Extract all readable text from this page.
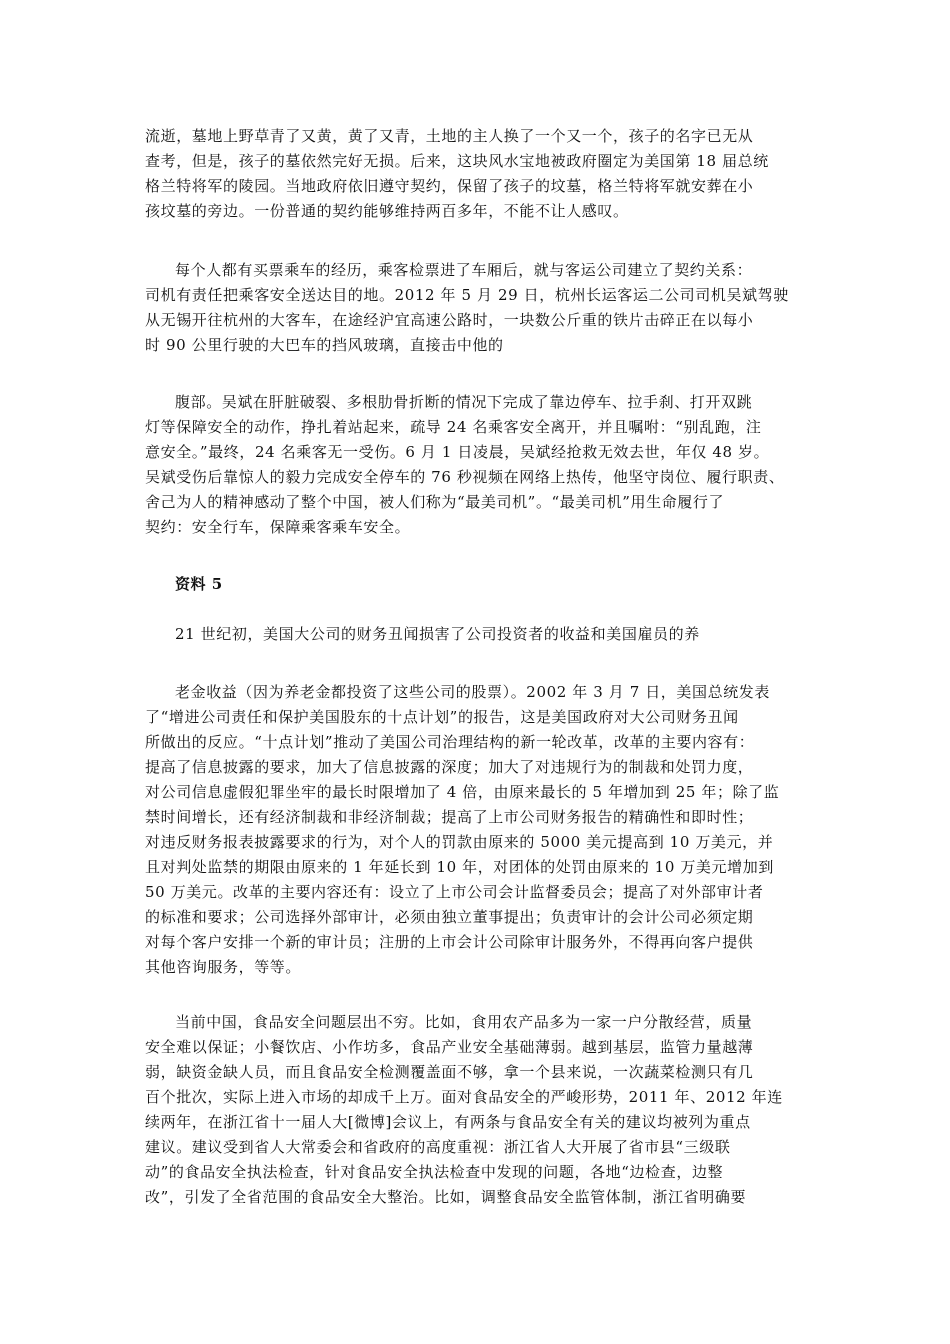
流逝，墓地上野草青了又黄，黄了又青，土地的主人换了一个又一个，孩子的名字已无从
查考，但是，孩子的墓依然完好无损。后来，这块风水宝地被政府圈定为美国第 18 届总统
格兰特将军的陵园。当地政府依旧遵守契约，保留了孩子的坟墓，格兰特将军就安葬在小
孩坟墓的旁边。一份普通的契约能够维持两百多年，不能不让人感叹。
每个人都有买票乘车的经历，乘客检票进了车厢后，就与客运公司建立了契约关系：
司机有责任把乘客安全送达目的地。2012 年 5 月 29 日，杭州长运客运二公司司机吴斌驾驶
从无锡开往杭州的大客车，在途经沪宜高速公路时，一块数公斤重的铁片击碎正在以每小
时 90 公里行驶的大巴车的挡风玻璃，直接击中他的
腹部。吴斌在肝脏破裂、多根肋骨折断的情况下完成了靠边停车、拉手刹、打开双跳
灯等保障安全的动作，挣扎着站起来，疏导 24 名乘客安全离开，并且嘱咐：“别乱跑，注
意安全。”最终，24 名乘客无一受伤。6 月 1 日凌晨，吴斌经抢救无效去世，年仅 48 岁。
吴斌受伤后靠惊人的毅力完成安全停车的 76 秒视频在网络上热传，他坚守岗位、履行职责、
舍己为人的精神感动了整个中国，被人们称为“最美司机”。“最美司机”用生命履行了
契约：安全行车，保障乘客乘车安全。
资料 5
21 世纪初，美国大公司的财务丑闻损害了公司投资者的收益和美国雇员的养
老金收益（因为养老金都投资了这些公司的股票）。2002 年 3 月 7 日，美国总统发表
了“增进公司责任和保护美国股东的十点计划”的报告，这是美国政府对大公司财务丑闻
所做出的反应。“十点计划”推动了美国公司治理结构的新一轮改革，改革的主要内容有：
提高了信息披露的要求，加大了信息披露的深度；加大了对违规行为的制裁和处罚力度，
对公司信息虚假犯罪坐牢的最长时限增加了 4 倍，由原来最长的 5 年增加到 25 年；除了监
禁时间增长，还有经济制裁和非经济制裁；提高了上市公司财务报告的精确性和即时性；
对违反财务报表披露要求的行为，对个人的罚款由原来的 5000 美元提高到 10 万美元，并
且对判处监禁的期限由原来的 1 年延长到 10 年，对团体的处罚由原来的 10 万美元增加到
50 万美元。改革的主要内容还有：设立了上市公司会计监督委员会；提高了对外部审计者
的标准和要求；公司选择外部审计，必须由独立董事提出；负责审计的会计公司必须定期
对每个客户安排一个新的审计员；注册的上市会计公司除审计服务外，不得再向客户提供
其他咨询服务，等等。
当前中国，食品安全问题层出不穷。比如，食用农产品多为一家一户分散经营，质量
安全难以保证；小餐饮店、小作坊多，食品产业安全基础薄弱。越到基层，监管力量越薄
弱，缺资金缺人员，而且食品安全检测覆盖面不够，拿一个县来说，一次蔬菜检测只有几
百个批次，实际上进入市场的却成千上万。面对食品安全的严峻形势，2011 年、2012 年连
续两年，在浙江省十一届人大[微博]会议上，有两条与食品安全有关的建议均被列为重点
建议。建议受到省人大常委会和省政府的高度重视：浙江省人大开展了省市县“三级联
动”的食品安全执法检查，针对食品安全执法检查中发现的问题，各地“边检查，边整
改”，引发了全省范围的食品安全大整治。比如，调整食品安全监管体制，浙江省明确要
